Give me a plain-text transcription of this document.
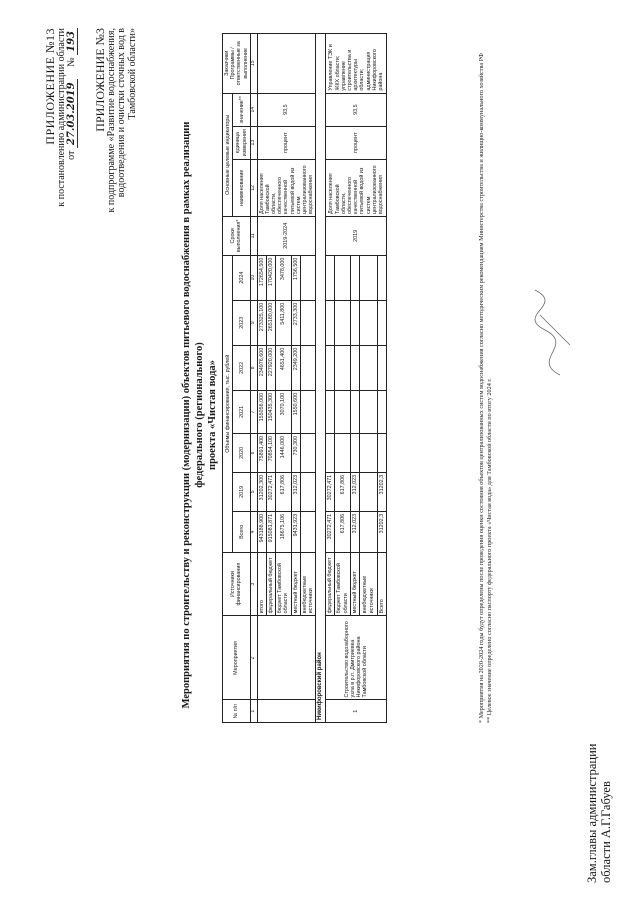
ПРИЛОЖЕНИЕ №13
к постановлению администрации области от 27.03.2019     № 193 ПРИЛОЖЕНИЕ №3
к подпрограмме «Развитие водоснабжения, водоотведения и очистки сточных вод в Тамбовской области»
Мероприятия по строительству и реконструкции (модернизации) объектов питьевого водоснабжения в рамках реализации федерального (регионального) проекта «Чистая вода»
№ п/п	Мероприятия	Источники финансирования	Объемы финансирования, тыс. рублей							Сроки выполнения*	Основные целевые индикаторы			Заказчики Программы / ответственные за выполнение
			Всего	2019	2020	2021	2022	2023	2024		наименование	единица измерения	значение**	
1	2	3	4	5	6	7	8	9	10	11	12	13	14	15
		итого	943188,900	31202,300	75891,400	155056,000	234976,600	273325,100	172654,500	2019-2024	Доля населения Тамбовской области, обеспеченного качественной питьевой водой из систем централизованного водоснабжения	процент	93,5	
		федеральный бюджет	915081,871	30272,471	70854,100	150435,300	227920,000	265180,000	170420,000					
		бюджет Тамбовской области	18675,106	617,806	1446,000	3070,100	4651,400	5411,800	3478,000					
		местный бюджет	9431,923	312,023	730,300	1550,600	2349,200	2733,300	1756,500					
		внебюджетные источники												
Никифоровский район														
1	Строительство водозаборного узла в р.п. Дмитриевка Никифоровского района Тамбовской области	федеральный бюджет	30272,471	30272,471						2019	Доля населения Тамбовской области, обеспеченного качественной питьевой водой из систем централизованного водоснабжения	процент	93,5	Управление ТЭК и ЖКХ области; управление строительства и архитектуры области; администрация Никифоровского района
		бюджет Тамбовской области	617,806	617,806										
		местный бюджет	312,023	312,023										
		внебюджетные источники												
		Всего	31202,3	31202,3											* Мероприятия на 2020-2024 годы будут определены после проведения оценки состояния объектов централизованных систем водоснабжения согласно методическим рекомендациям Министерства строительства и жилищно-коммунального хозяйства РФ ** Целевое значение определено согласно паспорту федерального проекта «Чистая вода» для Тамбовской области по итогу 2024 г.
Зам.главы администрации области А.Г.Габуев
